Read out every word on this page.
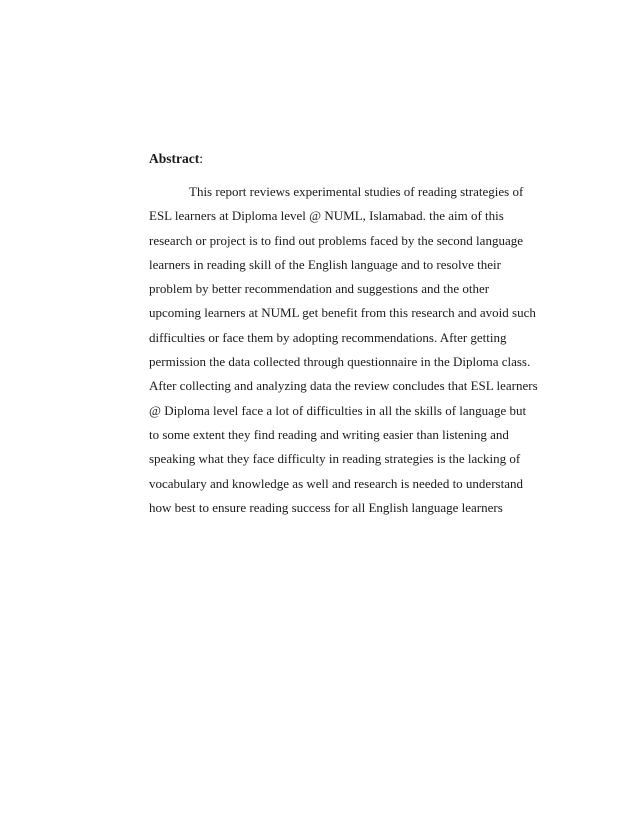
Abstract:

This report reviews experimental studies of reading strategies of
ESL learners at Diploma level @ NUML, Islamabad. the aim of this
research or project is to find out problems faced by the second language
learners in reading skill of the English language and to resolve their
problem by better recommendation and suggestions and the other
upcoming learners at NUML get benefit from this research and avoid such
difficulties or face them by adopting recommendations. After getting
permission the data collected through questionnaire in the Diploma class.
After collecting and analyzing data the review concludes that ESL learners
@ Diploma level face a lot of difficulties in all the skills of language but
to some extent they find reading and writing easier than listening and
speaking what they face difficulty in reading strategies is the lacking of
vocabulary and knowledge as well and research is needed to understand
how best to ensure reading success for all English language learners
